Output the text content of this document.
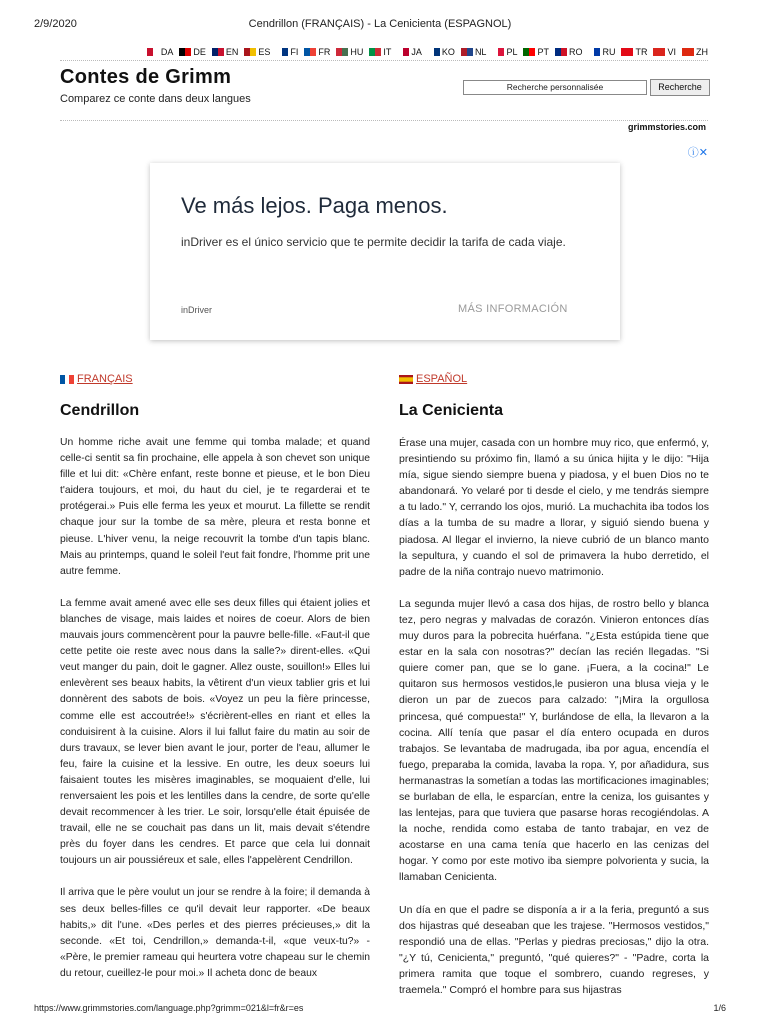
2/9/2020	Cendrillon (FRANÇAIS) - La Cenicienta (ESPAGNOL)
DA DE EN ES FI FR HU IT JA KO NL PL PT RO RU TR VI ZH
Contes de Grimm
Comparez ce conte dans deux langues
Recherche personnalisée	Recherche
grimmstories.com
ⓘ✕
Ve más lejos. Paga menos.
inDriver es el único servicio que te permite decidir la tarifa de cada viaje.
inDriver	MÁS INFORMACIÓN
FRANÇAIS
Cendrillon

Un homme riche avait une femme qui tomba malade; et quand celle-ci sentit sa fin prochaine, elle appela à son chevet son unique fille et lui dit: «Chère enfant, reste bonne et pieuse, et le bon Dieu t'aidera toujours, et moi, du haut du ciel, je te regarderai et te protégerai.» Puis elle ferma les yeux et mourut. La fillette se rendit chaque jour sur la tombe de sa mère, pleura et resta bonne et pieuse. L'hiver venu, la neige recouvrit la tombe d'un tapis blanc. Mais au printemps, quand le soleil l'eut fait fondre, l'homme prit une autre femme.

La femme avait amené avec elle ses deux filles qui étaient jolies et blanches de visage, mais laides et noires de coeur. Alors de bien mauvais jours commencèrent pour la pauvre belle-fille. «Faut-il que cette petite oie reste avec nous dans la salle?» dirent-elles. «Qui veut manger du pain, doit le gagner. Allez ouste, souillon!» Elles lui enlevèrent ses beaux habits, la vêtirent d'un vieux tablier gris et lui donnèrent des sabots de bois. «Voyez un peu la fière princesse, comme elle est accoutrée!» s'écrièrent-elles en riant et elles la conduisirent à la cuisine. Alors il lui fallut faire du matin au soir de durs travaux, se lever bien avant le jour, porter de l'eau, allumer le feu, faire la cuisine et la lessive. En outre, les deux soeurs lui faisaient toutes les misères imaginables, se moquaient d'elle, lui renversaient les pois et les lentilles dans la cendre, de sorte qu'elle devait recommencer à les trier. Le soir, lorsqu'elle était épuisée de travail, elle ne se couchait pas dans un lit, mais devait s'étendre près du foyer dans les cendres. Et parce que cela lui donnait toujours un air poussiéreux et sale, elles l'appelèrent Cendrillon.

Il arriva que le père voulut un jour se rendre à la foire; il demanda à ses deux belles-filles ce qu'il devait leur rapporter. «De beaux habits,» dit l'une. «Des perles et des pierres précieuses,» dit la seconde. «Et toi, Cendrillon,» demanda-t-il, «que veux-tu?» - «Père, le premier rameau qui heurtera votre chapeau sur le chemin du retour, cueillez-le pour moi.» Il acheta donc de beaux

ESPAÑOL
La Cenicienta

Érase una mujer, casada con un hombre muy rico, que enfermó, y, presintiendo su próximo fin, llamó a su única hijita y le dijo: "Hija mía, sigue siendo siempre buena y piadosa, y el buen Dios no te abandonará. Yo velaré por ti desde el cielo, y me tendrás siempre a tu lado." Y, cerrando los ojos, murió. La muchachita iba todos los días a la tumba de su madre a llorar, y siguió siendo buena y piadosa. Al llegar el invierno, la nieve cubrió de un blanco manto la sepultura, y cuando el sol de primavera la hubo derretido, el padre de la niña contrajo nuevo matrimonio.

La segunda mujer llevó a casa dos hijas, de rostro bello y blanca tez, pero negras y malvadas de corazón. Vinieron entonces días muy duros para la pobrecita huérfana. "¿Esta estúpida tiene que estar en la sala con nosotras?" decían las recién llegadas. "Si quiere comer pan, que se lo gane. ¡Fuera, a la cocina!" Le quitaron sus hermosos vestidos,le pusieron una blusa vieja y le dieron un par de zuecos para calzado: "¡Mira la orgullosa princesa, qué compuesta!" Y, burlándose de ella, la llevaron a la cocina. Allí tenía que pasar el día entero ocupada en duros trabajos. Se levantaba de madrugada, iba por agua, encendía el fuego, preparaba la comida, lavaba la ropa. Y, por añadidura, sus hermanastras la sometían a todas las mortificaciones imaginables; se burlaban de ella, le esparcían, entre la ceniza, los guisantes y las lentejas, para que tuviera que pasarse horas recogiéndolas. A la noche, rendida como estaba de tanto trabajar, en vez de acostarse en una cama tenía que hacerlo en las cenizas del hogar. Y como por este motivo iba siempre polvorienta y sucia, la llamaban Cenicienta.

Un día en que el padre se disponía a ir a la feria, preguntó a sus dos hijastras qué deseaban que les trajese. "Hermosos vestidos," respondió una de ellas. "Perlas y piedras preciosas," dijo la otra. "¿Y tú, Cenicienta," preguntó, "qué quieres?" - "Padre, corta la primera ramita que toque el sombrero, cuando regreses, y traemela." Compró el hombre para sus hijastras

https://www.grimmstories.com/language.php?grimm=021&l=fr&r=es	1/6
